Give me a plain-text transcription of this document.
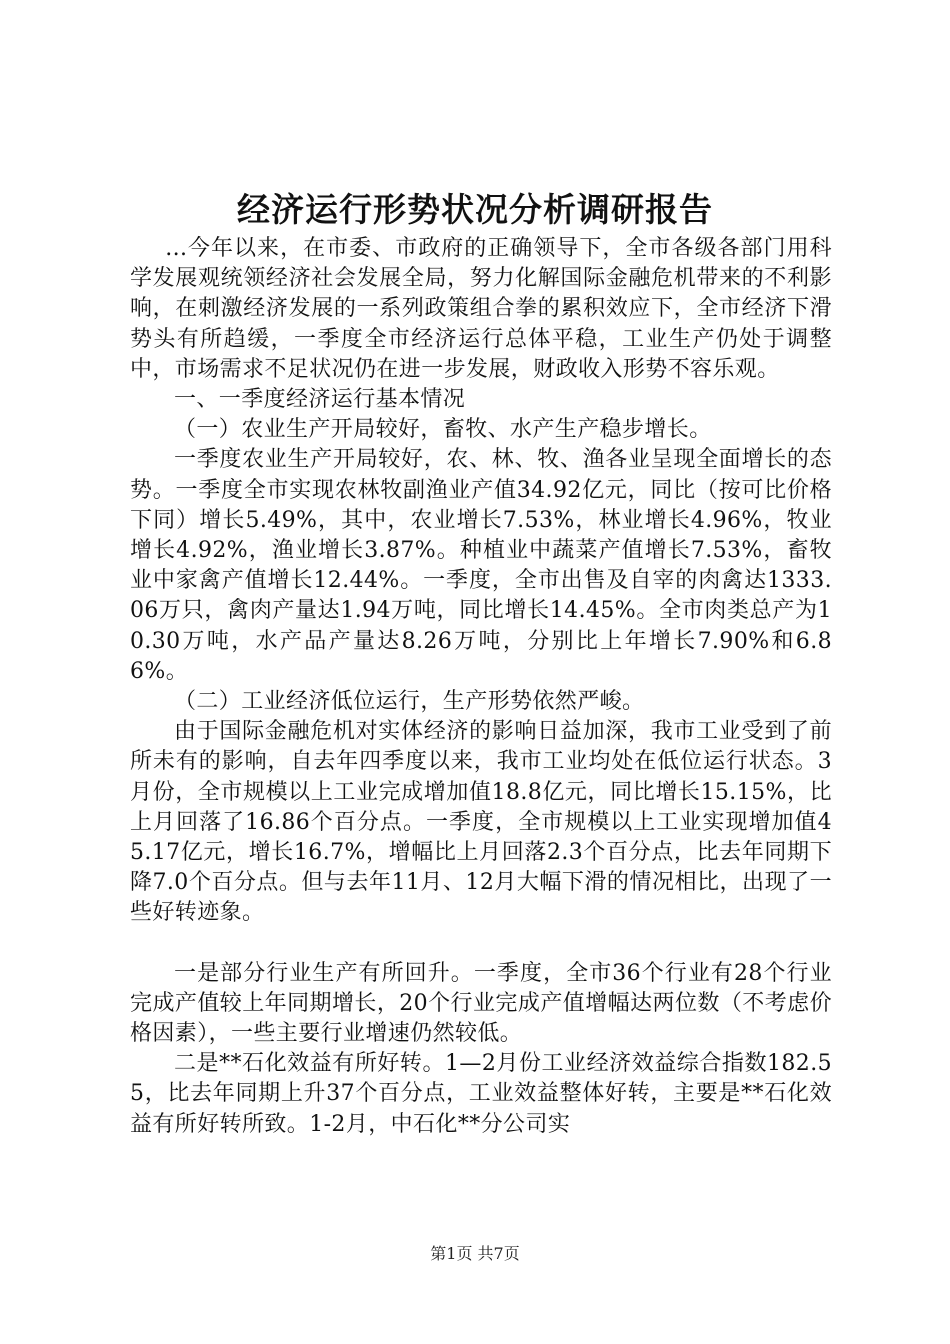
经济运行形势状况分析调研报告

...今年以来，在市委、市政府的正确领导下，全市各级各部门用科学发展观统领经济社会发展全局，努力化解国际金融危机带来的不利影响，在刺激经济发展的一系列政策组合拳的累积效应下，全市经济下滑势头有所趋缓，一季度全市经济运行总体平稳，工业生产仍处于调整中，市场需求不足状况仍在进一步发展，财政收入形势不容乐观。

一、一季度经济运行基本情况

（一）农业生产开局较好，畜牧、水产生产稳步增长。

一季度农业生产开局较好，农、林、牧、渔各业呈现全面增长的态势。一季度全市实现农林牧副渔业产值34.92亿元，同比（按可比价格下同）增长5.49%，其中，农业增长7.53%，林业增长4.96%，牧业增长4.92%，渔业增长3.87%。种植业中蔬菜产值增长7.53%，畜牧业中家禽产值增长12.44%。一季度，全市出售及自宰的肉禽达1333.06万只，禽肉产量达1.94万吨，同比增长14.45%。全市肉类总产为10.30万吨，水产品产量达8.26万吨，分别比上年增长7.90%和6.86%。

（二）工业经济低位运行，生产形势依然严峻。

由于国际金融危机对实体经济的影响日益加深，我市工业受到了前所未有的影响，自去年四季度以来，我市工业均处在低位运行状态。3月份，全市规模以上工业完成增加值18.8亿元，同比增长15.15%，比上月回落了16.86个百分点。一季度，全市规模以上工业实现增加值45.17亿元，增长16.7%，增幅比上月回落2.3个百分点，比去年同期下降7.0个百分点。但与去年11月、12月大幅下滑的情况相比，出现了一些好转迹象。

一是部分行业生产有所回升。一季度，全市36个行业有28个行业完成产值较上年同期增长，20个行业完成产值增幅达两位数（不考虑价格因素），一些主要行业增速仍然较低。

二是**石化效益有所好转。1—2月份工业经济效益综合指数182.55，比去年同期上升37个百分点，工业效益整体好转，主要是**石化效益有所好转所致。1-2月，中石化**分公司实

第1页 共7页
